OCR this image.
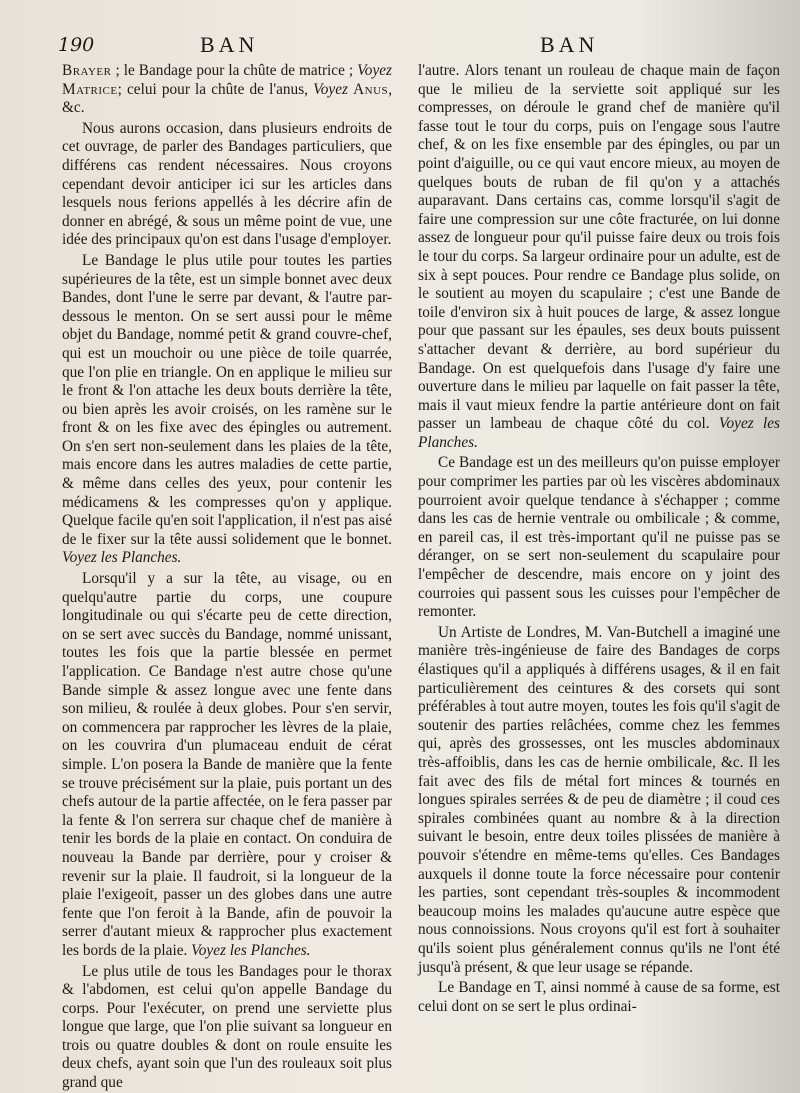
190	BAN	BAN

Brayer ; le Bandage pour la chûte de matrice ; Voyez Matrice; celui pour la chûte de l'anus, Voyez Anus, &c.

Nous aurons occasion, dans plusieurs endroits de cet ouvrage, de parler des Bandages particuliers, que différens cas rendent nécessaires. Nous croyons cependant devoir anticiper ici sur les articles dans lesquels nous ferions appellés à les décrire afin de donner en abrégé, & sous un même point de vue, une idée des principaux qu'on est dans l'usage d'employer.

Le Bandage le plus utile pour toutes les parties supérieures de la tête, est un simple bonnet avec deux Bandes, dont l'une le serre par devant, & l'autre par-dessous le menton. On se sert aussi pour le même objet du Bandage, nommé petit & grand couvre-chef, qui est un mouchoir ou une pièce de toile quarrée, que l'on plie en triangle. On en applique le milieu sur le front & l'on attache les deux bouts derrière la tête, ou bien après les avoir croisés, on les ramène sur le front & on les fixe avec des épingles ou autrement. On s'en sert non-seulement dans les plaies de la tête, mais encore dans les autres maladies de cette partie, & même dans celles des yeux, pour contenir les médicamens & les compresses qu'on y applique. Quelque facile qu'en soit l'application, il n'est pas aisé de le fixer sur la tête aussi solidement que le bonnet. Voyez les Planches.

Lorsqu'il y a sur la tête, au visage, ou en quelqu'autre partie du corps, une coupure longitudinale ou qui s'écarte peu de cette direction, on se sert avec succès du Bandage, nommé unissant, toutes les fois que la partie blessée en permet l'application. Ce Bandage n'est autre chose qu'une Bande simple & assez longue avec une fente dans son milieu, & roulée à deux globes. Pour s'en servir, on commencera par rapprocher les lèvres de la plaie, on les couvrira d'un plumaceau enduit de cérat simple. L'on posera la Bande de manière que la fente se trouve précisément sur la plaie, puis portant un des chefs autour de la partie affectée, on le fera passer par la fente & l'on serrera sur chaque chef de manière à tenir les bords de la plaie en contact. On conduira de nouveau la Bande par derrière, pour y croiser & revenir sur la plaie. Il faudroit, si la longueur de la plaie l'exigeoit, passer un des globes dans une autre fente que l'on feroit à la Bande, afin de pouvoir la serrer d'autant mieux & rapprocher plus exactement les bords de la plaie. Voyez les Planches.

Le plus utile de tous les Bandages pour le thorax & l'abdomen, est celui qu'on appelle Bandage du corps. Pour l'exécuter, on prend une serviette plus longue que large, que l'on plie suivant sa longueur en trois ou quatre doubles & dont on roule ensuite les deux chefs, ayant soin que l'un des rouleaux soit plus grand que

l'autre. Alors tenant un rouleau de chaque main de façon que le milieu de la serviette soit appliqué sur les compresses, on déroule le grand chef de manière qu'il fasse tout le tour du corps, puis on l'engage sous l'autre chef, & on les fixe ensemble par des épingles, ou par un point d'aiguille, ou ce qui vaut encore mieux, au moyen de quelques bouts de ruban de fil qu'on y a attachés auparavant. Dans certains cas, comme lorsqu'il s'agit de faire une compression sur une côte fracturée, on lui donne assez de longueur pour qu'il puisse faire deux ou trois fois le tour du corps. Sa largeur ordinaire pour un adulte, est de six à sept pouces. Pour rendre ce Bandage plus solide, on le soutient au moyen du scapulaire ; c'est une Bande de toile d'environ six à huit pouces de large, & assez longue pour que passant sur les épaules, ses deux bouts puissent s'attacher devant & derrière, au bord supérieur du Bandage. On est quelquefois dans l'usage d'y faire une ouverture dans le milieu par laquelle on fait passer la tête, mais il vaut mieux fendre la partie antérieure dont on fait passer un lambeau de chaque côté du col. Voyez les Planches.

Ce Bandage est un des meilleurs qu'on puisse employer pour comprimer les parties par où les viscères abdominaux pourroient avoir quelque tendance à s'échapper ; comme dans les cas de hernie ventrale ou ombilicale ; & comme, en pareil cas, il est très-important qu'il ne puisse pas se déranger, on se sert non-seulement du scapulaire pour l'empêcher de descendre, mais encore on y joint des courroies qui passent sous les cuisses pour l'empêcher de remonter.

Un Artiste de Londres, M. Van-Butchell a imaginé une manière très-ingénieuse de faire des Bandages de corps élastiques qu'il a appliqués à différens usages, & il en fait particulièrement des ceintures & des corsets qui sont préférables à tout autre moyen, toutes les fois qu'il s'agit de soutenir des parties relâchées, comme chez les femmes qui, après des grossesses, ont les muscles abdominaux très-affoiblis, dans les cas de hernie ombilicale, &c. Il les fait avec des fils de métal fort minces & tournés en longues spirales serrées & de peu de diamètre ; il coud ces spirales combinées quant au nombre & à la direction suivant le besoin, entre deux toiles plissées de manière à pouvoir s'étendre en même-tems qu'elles. Ces Bandages auxquels il donne toute la force nécessaire pour contenir les parties, sont cependant très-souples & incommodent beaucoup moins les malades qu'aucune autre espèce que nous connoissions. Nous croyons qu'il est fort à souhaiter qu'ils soient plus généralement connus qu'ils ne l'ont été jusqu'à présent, & que leur usage se répande.

Le Bandage en T, ainsi nommé à cause de sa forme, est celui dont on se sert le plus ordinai-
